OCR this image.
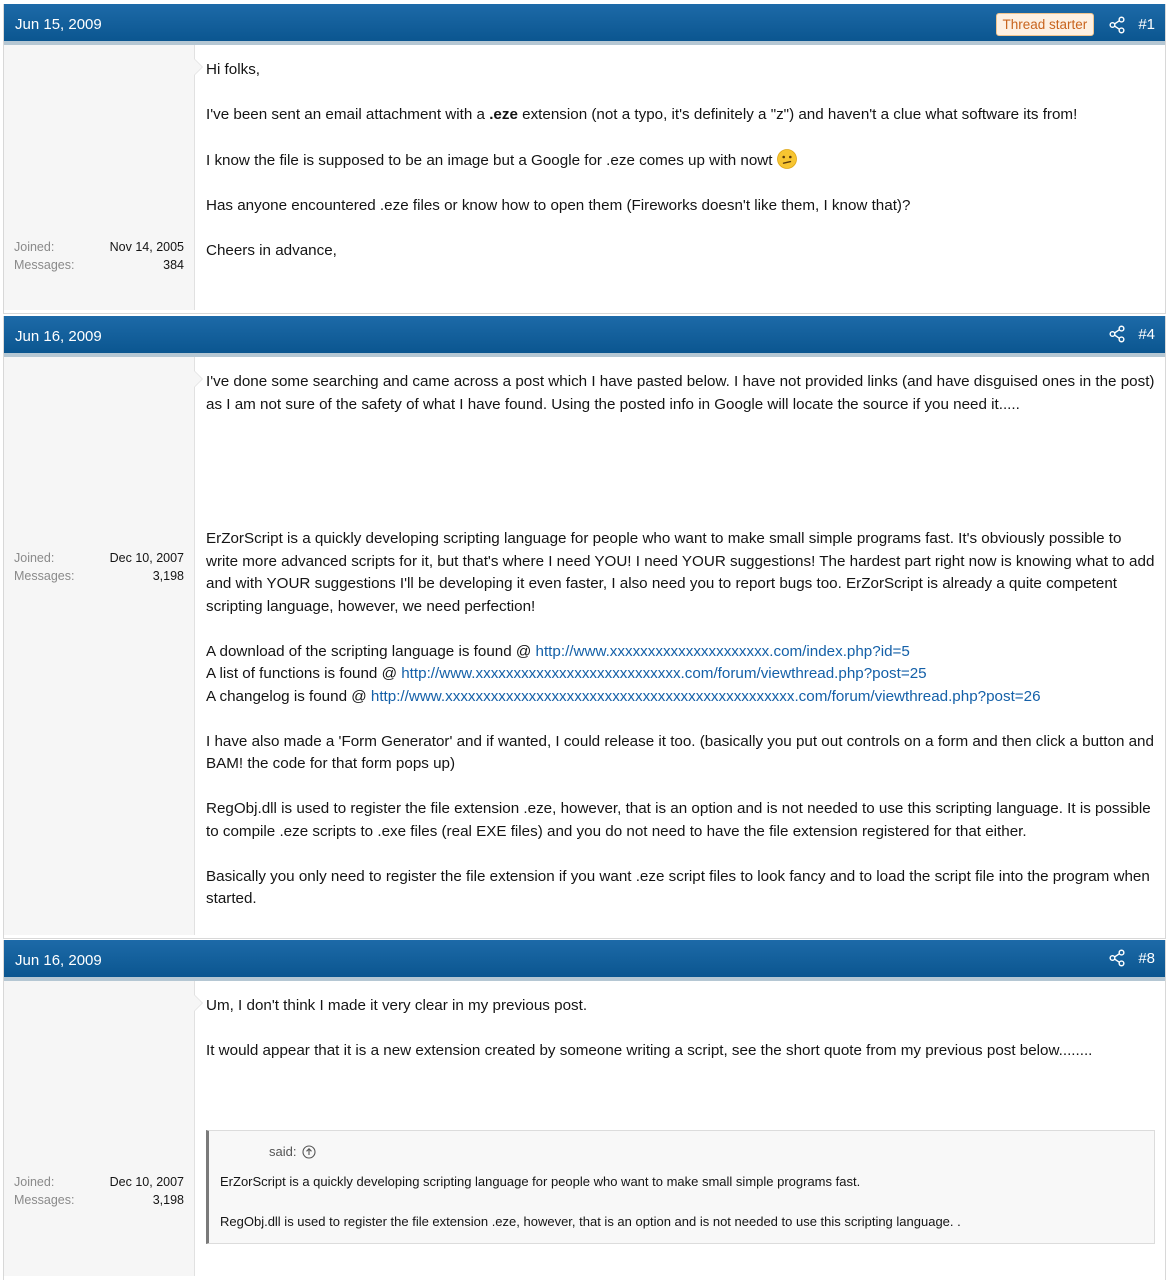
Jun 15, 2009	Thread starter	#1
Joined:	Nov 14, 2005
Messages:	384

Hi folks,

I've been sent an email attachment with a .eze extension (not a typo, it's definitely a "z") and haven't a clue what software its from!

I know the file is supposed to be an image but a Google for .eze comes up with nowt

Has anyone encountered .eze files or know how to open them (Fireworks doesn't like them, I know that)?

Cheers in advance,

Jun 16, 2009	#4
Joined:	Dec 10, 2007
Messages:	3,198

I've done some searching and came across a post which I have pasted below. I have not provided links (and have disguised ones in the post) as I am not sure of the safety of what I have found. Using the posted info in Google will locate the source if you need it.....

ErZorScript is a quickly developing scripting language for people who want to make small simple programs fast. It's obviously possible to write more advanced scripts for it, but that's where I need YOU! I need YOUR suggestions! The hardest part right now is knowing what to add and with YOUR suggestions I'll be developing it even faster, I also need you to report bugs too. ErZorScript is already a quite competent scripting language, however, we need perfection!

A download of the scripting language is found @ http://www.xxxxxxxxxxxxxxxxxxxxx.com/index.php?id=5
A list of functions is found @ http://www.xxxxxxxxxxxxxxxxxxxxxxxxxxx.com/forum/viewthread.php?post=25
A changelog is found @ http://www.xxxxxxxxxxxxxxxxxxxxxxxxxxxxxxxxxxxxxxxxxxxxxx.com/forum/viewthread.php?post=26

I have also made a 'Form Generator' and if wanted, I could release it too. (basically you put out controls on a form and then click a button and BAM! the code for that form pops up)

RegObj.dll is used to register the file extension .eze, however, that is an option and is not needed to use this scripting language. It is possible to compile .eze scripts to .exe files (real EXE files) and you do not need to have the file extension registered for that either.

Basically you only need to register the file extension if you want .eze script files to look fancy and to load the script file into the program when started.

Jun 16, 2009	#8
Joined:	Dec 10, 2007
Messages:	3,198

Um, I don't think I made it very clear in my previous post.

It would appear that it is a new extension created by someone writing a script, see the short quote from my previous post below........

said:

ErZorScript is a quickly developing scripting language for people who want to make small simple programs fast.

RegObj.dll is used to register the file extension .eze, however, that is an option and is not needed to use this scripting language. .
